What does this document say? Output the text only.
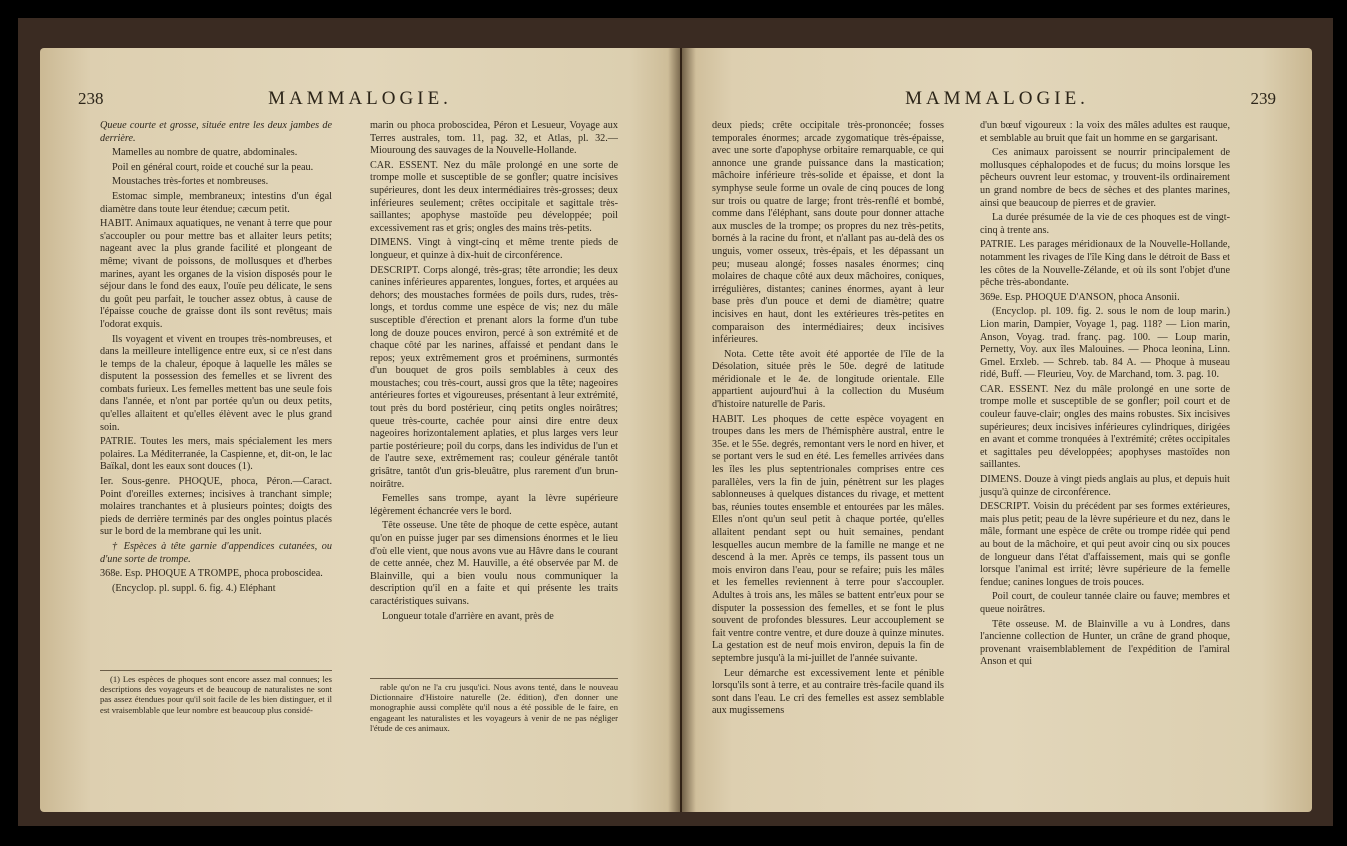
238	MAMMALOGIE.

Queue courte et grosse, située entre les deux jambes de derrière.

Mamelles au nombre de quatre, abdominales.

Poil en général court, roide et couché sur la peau.

Moustaches très-fortes et nombreuses.

Estomac simple, membraneux; intestins d'un égal diamètre dans toute leur étendue; cæcum petit.

HABIT. Animaux aquatiques, ne venant à terre que pour s'accoupler ou pour mettre bas et allaiter leurs petits; nageant avec la plus grande facilité et plongeant de même; vivant de poissons, de mollusques et d'herbes marines, ayant les organes de la vision disposés pour le séjour dans le fond des eaux, l'ouïe peu délicate, le sens du goût peu parfait, le toucher assez obtus, à cause de l'épaisse couche de graisse dont ils sont revêtus; mais l'odorat exquis.

Ils voyagent et vivent en troupes très-nombreuses, et dans la meilleure intelligence entre eux, si ce n'est dans le temps de la chaleur, époque à laquelle les mâles se disputent la possession des femelles et se livrent des combats furieux. Les femelles mettent bas une seule fois dans l'année, et n'ont par portée qu'un ou deux petits, qu'elles allaitent et qu'elles élèvent avec le plus grand soin.

PATRIE. Toutes les mers, mais spécialement les mers polaires. La Méditerranée, la Caspienne, et, dit-on, le lac Baïkal, dont les eaux sont douces (1).

Ier. Sous-genre. PHOQUE, phoca, Péron.—Caract. Point d'oreilles externes; incisives à tranchant simple; molaires tranchantes et à plusieurs pointes; doigts des pieds de derrière terminés par des ongles pointus placés sur le bord de la membrane qui les unit.

† Espèces à tête garnie d'appendices cutanées, ou d'une sorte de trompe.

368e. Esp. PHOQUE A TROMPE, phoca proboscidea.

(Encyclop. pl. suppl. 6. fig. 4.) Eléphant

marin ou phoca proboscidea, Péron et Lesueur, Voyage aux Terres australes, tom. 11, pag. 32, et Atlas, pl. 32.—Miouroung des sauvages de la Nouvelle-Hollande.

CAR. ESSENT. Nez du mâle prolongé en une sorte de trompe molle et susceptible de se gonfler; quatre incisives supérieures, dont les deux intermédiaires très-grosses; deux inférieures seulement; crêtes occipitale et sagittale très-saillantes; apophyse mastoïde peu développée; poil excessivement ras et gris; ongles des mains très-petits.

DIMENS. Vingt à vingt-cinq et même trente pieds de longueur, et quinze à dix-huit de circonférence.

DESCRIPT. Corps alongé, très-gras; tête arrondie; les deux canines inférieures apparentes, longues, fortes, et arquées au dehors; des moustaches formées de poils durs, rudes, très-longs, et tordus comme une espèce de vis; nez du mâle susceptible d'érection et prenant alors la forme d'un tube long de douze pouces environ, percé à son extrémité et de chaque côté par les narines, affaissé et pendant dans le repos; yeux extrêmement gros et proéminens, surmontés d'un bouquet de gros poils semblables à ceux des moustaches; cou très-court, aussi gros que la tête; nageoires antérieures fortes et vigoureuses, présentant à leur extrémité, tout près du bord postérieur, cinq petits ongles noirâtres; queue très-courte, cachée pour ainsi dire entre deux nageoires horizontalement aplaties, et plus larges vers leur partie postérieure; poil du corps, dans les individus de l'un et de l'autre sexe, extrêmement ras; couleur générale tantôt grisâtre, tantôt d'un gris-bleuâtre, plus rarement d'un brun-noirâtre.

Femelles sans trompe, ayant la lèvre supérieure légèrement échancrée vers le bord.

Tête osseuse. Une tête de phoque de cette espèce, autant qu'on en puisse juger par ses dimensions énormes et le lieu d'où elle vient, que nous avons vue au Hâvre dans le courant de cette année, chez M. Hauville, a été observée par M. de Blainville, qui a bien voulu nous communiquer la description qu'il en a faite et qui présente les traits caractéristiques suivans.

Longueur totale d'arrière en avant, près de

(1) Les espèces de phoques sont encore assez mal connues; les descriptions des voyageurs et de beaucoup de naturalistes ne sont pas assez étendues pour qu'il soit facile de les bien distinguer, et il est vraisemblable que leur nombre est beaucoup plus considé-

rable qu'on ne l'a cru jusqu'ici. Nous avons tenté, dans le nouveau Dictionnaire d'Histoire naturelle (2e. édition), d'en donner une monographie aussi complète qu'il nous a été possible de le faire, en engageant les naturalistes et les voyageurs à venir de ne pas négliger l'étude de ces animaux.

MAMMALOGIE.	239

deux pieds; crête occipitale très-prononcée; fosses temporales énormes; arcade zygomatique très-épaisse, avec une sorte d'apophyse orbitaire remarquable, ce qui annonce une grande puissance dans la mastication; mâchoire inférieure très-solide et épaisse, et dont la symphyse seule forme un ovale de cinq pouces de long sur trois ou quatre de large; front très-renflé et bombé, comme dans l'éléphant, sans doute pour donner attache aux muscles de la trompe; os propres du nez très-petits, bornés à la racine du front, et n'allant pas au-delà des os unguis, vomer osseux, très-épais, et les dépassant un peu; museau alongé; fosses nasales énormes; cinq molaires de chaque côté aux deux mâchoires, coniques, irrégulières, distantes; canines énormes, ayant à leur base près d'un pouce et demi de diamètre; quatre incisives en haut, dont les extérieures très-petites en comparaison des intermédiaires; deux incisives inférieures.

Nota. Cette tête avoit été apportée de l'île de la Désolation, située près le 50e. degré de latitude méridionale et le 4e. de longitude orientale. Elle appartient aujourd'hui à la collection du Muséum d'histoire naturelle de Paris.

HABIT. Les phoques de cette espèce voyagent en troupes dans les mers de l'hémisphère austral, entre le 35e. et le 55e. degrés, remontant vers le nord en hiver, et se portant vers le sud en été. Les femelles arrivées dans les îles les plus septentrionales comprises entre ces parallèles, vers la fin de juin, pénètrent sur les plages sablonneuses à quelques distances du rivage, et mettent bas, réunies toutes ensemble et entourées par les mâles. Elles n'ont qu'un seul petit à chaque portée, qu'elles allaitent pendant sept ou huit semaines, pendant lesquelles aucun membre de la famille ne mange et ne descend à la mer. Après ce temps, ils passent tous un mois environ dans l'eau, pour se refaire; puis les mâles et les femelles reviennent à terre pour s'accoupler. Adultes à trois ans, les mâles se battent entr'eux pour se disputer la possession des femelles, et se font le plus souvent de profondes blessures. Leur accouplement se fait ventre contre ventre, et dure douze à quinze minutes. La gestation est de neuf mois environ, depuis la fin de septembre jusqu'à la mi-juillet de l'année suivante.

Leur démarche est excessivement lente et pénible lorsqu'ils sont à terre, et au contraire très-facile quand ils sont dans l'eau. Le cri des femelles est assez semblable aux mugissemens

d'un bœuf vigoureux : la voix des mâles adultes est rauque, et semblable au bruit que fait un homme en se gargarisant.

Ces animaux paroissent se nourrir principalement de mollusques céphalopodes et de fucus; du moins lorsque les pêcheurs ouvrent leur estomac, y trouvent-ils ordinairement un grand nombre de becs de sèches et des plantes marines, ainsi que beaucoup de pierres et de gravier.

La durée présumée de la vie de ces phoques est de vingt-cinq à trente ans.

PATRIE. Les parages méridionaux de la Nouvelle-Hollande, notamment les rivages de l'île King dans le détroit de Bass et les côtes de la Nouvelle-Zélande, et où ils sont l'objet d'une pêche très-abondante.

369e. Esp. PHOQUE D'ANSON, phoca Ansonii.

(Encyclop. pl. 109. fig. 2. sous le nom de loup marin.) Lion marin, Dampier, Voyage 1, pag. 118? — Lion marin, Anson, Voyag. trad. franç. pag. 100. — Loup marin, Pernetty, Voy. aux îles Malouines. — Phoca leonina, Linn. Gmel. Erxleb. — Schreb. tab. 84 A. — Phoque à museau ridé, Buff. — Fleurieu, Voy. de Marchand, tom. 3. pag. 10.

CAR. ESSENT. Nez du mâle prolongé en une sorte de trompe molle et susceptible de se gonfler; poil court et de couleur fauve-clair; ongles des mains robustes. Six incisives supérieures; deux incisives inférieures cylindriques, dirigées en avant et comme tronquées à l'extrémité; crêtes occipitales et sagittales peu développées; apophyses mastoïdes non saillantes.

DIMENS. Douze à vingt pieds anglais au plus, et depuis huit jusqu'à quinze de circonférence.

DESCRIPT. Voisin du précédent par ses formes extérieures, mais plus petit; peau de la lèvre supérieure et du nez, dans le mâle, formant une espèce de crête ou trompe ridée qui pend au bout de la mâchoire, et qui peut avoir cinq ou six pouces de longueur dans l'état d'affaissement, mais qui se gonfle lorsque l'animal est irrité; lèvre supérieure de la femelle fendue; canines longues de trois pouces.

Poil court, de couleur tannée claire ou fauve; membres et queue noirâtres.

Tête osseuse. M. de Blainville a vu à Londres, dans l'ancienne collection de Hunter, un crâne de grand phoque, provenant vraisemblablement de l'expédition de l'amiral Anson et qui
